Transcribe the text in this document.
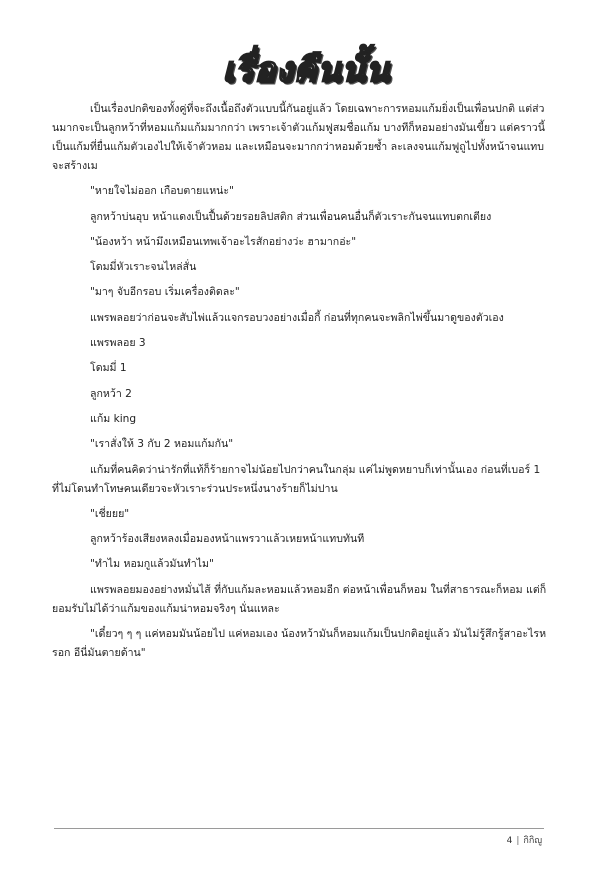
เรื่องคืนนั้น

เป็นเรื่องปกติของทั้งคู่ที่จะถึงเนื้อถึงตัวแบบนี้กันอยู่แล้ว โดยเฉพาะการหอมแก้มยิ่งเป็นเพื่อนปกติ แต่ส่วนมากจะเป็นลูกหว้าที่หอมแก้มแก้มมากกว่า เพราะเจ้าตัวแก้มฟูสมชื่อแก้ม บางทีก็หอมอย่างมันเขี้ยว แต่คราวนี้เป็นแก้มที่ยื่นแก้มตัวเองไปให้เจ้าตัวหอม และเหมือนจะมากกว่าหอมด้วยซ้ำ ละเลงจนแก้มฟูถูไปทั้งหน้าจนแทบจะสร้างเม

"หายใจไม่ออก เกือบตายแหน่ะ"

ลูกหว้าบ่นอุบ หน้าแดงเป็นปื้นด้วยรอยลิปสติก ส่วนเพื่อนคนอื่นก็ตัวเราะกันจนแทบตกเตียง

"น้องหว้า หน้ามึงเหมือนเทพเจ้าอะไรสักอย่างว่ะ ฮามากอ่ะ"

โดมมี่หัวเราะจนไหล่สั่น

"มาๆ จับอีกรอบ เริ่มเครื่องติดละ"

แพรพลอยว่าก่อนจะสับไพ่แล้วแจกรอบวงอย่างเมื่อกี้ ก่อนที่ทุกคนจะพลิกไพ่ขึ้นมาดูของตัวเอง

แพรพลอย 3

โดมมี่ 1

ลูกหว้า 2

แก้ม king

"เราสั่งให้ 3 กับ 2 หอมแก้มกัน"

แก้มที่คนคิดว่าน่ารักที่แท้ก็ร้ายกาจไม่น้อยไปกว่าคนในกลุ่ม แค่ไม่พูดหยาบก็เท่านั้นเอง ก่อนที่เบอร์ 1 ที่ไม่โดนทำโทษคนเดียวจะหัวเราะร่วนประหนึ่งนางร้ายก็ไม่ปาน

"เชี่ยยย"

ลูกหว้าร้องเสียงหลงเมื่อมองหน้าแพรวาแล้วเหยหน้าแทบทันที

"ทำไม หอมกูแล้วมันทำไม"

แพรพลอยมองอย่างหมั่นไส้ ที่กับแก้มละหอมแล้วหอมอีก ต่อหน้าเพื่อนก็หอม ในที่สาธารณะก็หอม แต่ก็ยอมรับไม่ได้ว่าแก้มของแก้มน่าหอมจริงๆ นั่นแหละ

"เดี๋ยวๆ ๆ ๆ แค่หอมมันน้อยไป แค่หอมเอง น้องหว้ามันก็หอมแก้มเป็นปกติอยู่แล้ว มันไม่รู้สึกรู้สาอะไรหรอก อีนี่มันตายด้าน"

4 | กิกิญู
